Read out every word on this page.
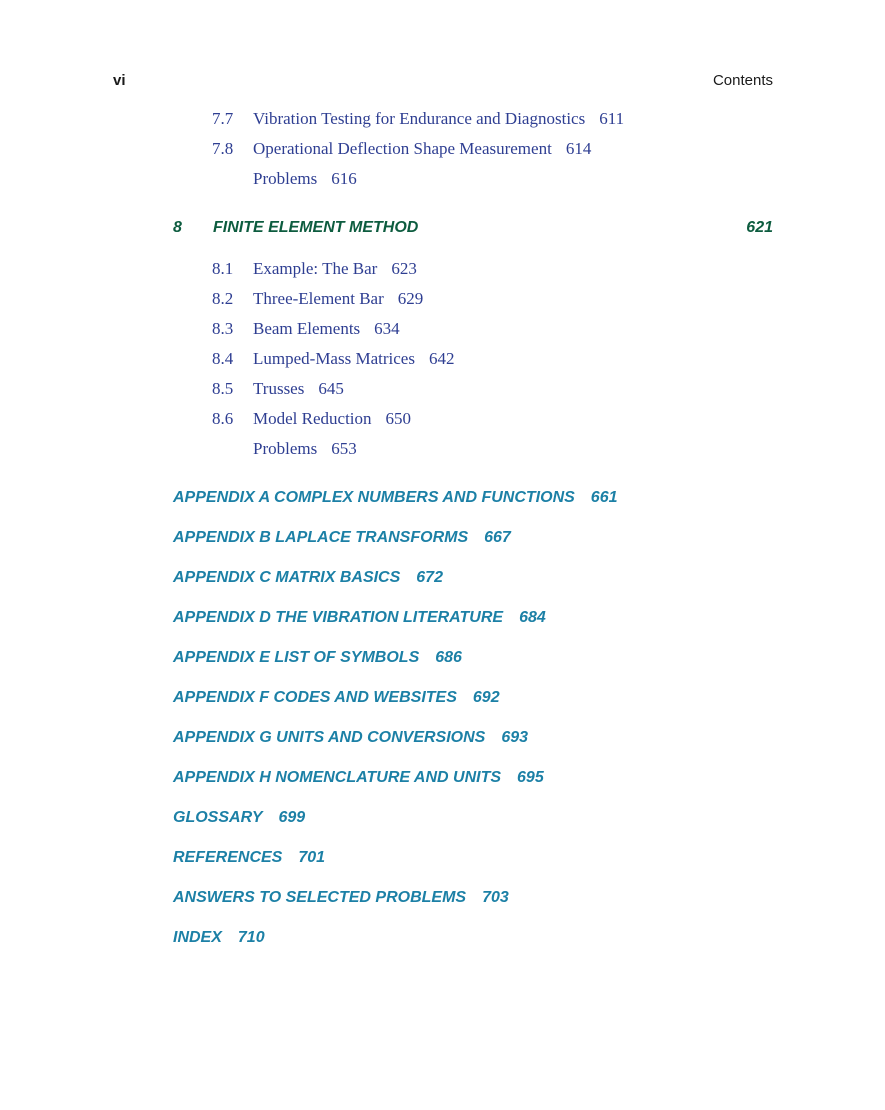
vi	Contents
7.7 Vibration Testing for Endurance and Diagnostics 611
7.8 Operational Deflection Shape Measurement 614
Problems 616
8 FINITE ELEMENT METHOD	621
8.1 Example: The Bar 623
8.2 Three-Element Bar 629
8.3 Beam Elements 634
8.4 Lumped-Mass Matrices 642
8.5 Trusses 645
8.6 Model Reduction 650
Problems 653
APPENDIX A COMPLEX NUMBERS AND FUNCTIONS 661
APPENDIX B LAPLACE TRANSFORMS 667
APPENDIX C MATRIX BASICS 672
APPENDIX D THE VIBRATION LITERATURE 684
APPENDIX E LIST OF SYMBOLS 686
APPENDIX F CODES AND WEBSITES 692
APPENDIX G UNITS AND CONVERSIONS 693
APPENDIX H NOMENCLATURE AND UNITS 695
GLOSSARY 699
REFERENCES 701
ANSWERS TO SELECTED PROBLEMS 703
INDEX 710
